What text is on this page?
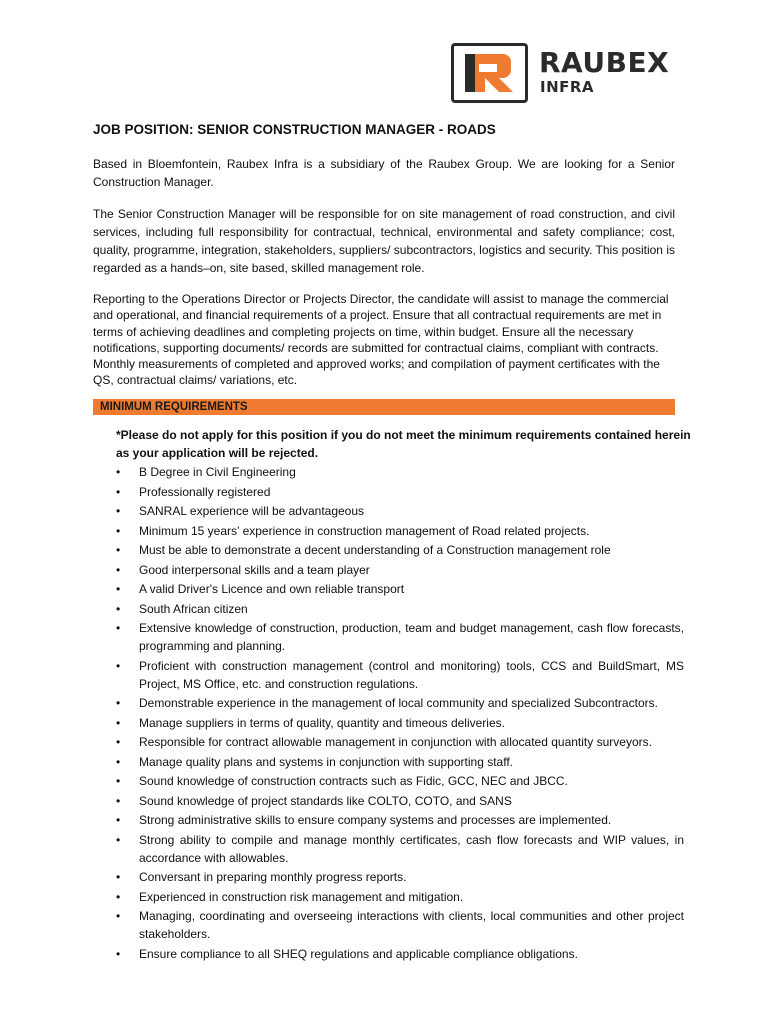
RAUBEX
INFRA
JOB POSITION: SENIOR CONSTRUCTION MANAGER - ROADS

Based in Bloemfontein, Raubex Infra is a subsidiary of the Raubex Group. We are looking for a Senior Construction Manager.

The Senior Construction Manager will be responsible for on site management of road construction, and civil services, including full responsibility for contractual, technical, environmental and safety compliance; cost, quality, programme, integration, stakeholders, suppliers/ subcontractors, logistics and security. This position is regarded as a hands–on, site based, skilled management role.

Reporting to the Operations Director or Projects Director, the candidate will assist to manage the commercial and operational, and financial requirements of a project. Ensure that all contractual requirements are met in terms of achieving deadlines and completing projects on time, within budget. Ensure all the necessary notifications, supporting documents/ records are submitted for contractual claims, compliant with contracts. Monthly measurements of completed and approved works; and compilation of payment certificates with the QS, contractual claims/ variations, etc.

MINIMUM REQUIREMENTS

*Please do not apply for this position if you do not meet the minimum requirements contained herein as your application will be rejected.

• B Degree in Civil Engineering
• Professionally registered
• SANRAL experience will be advantageous
• Minimum 15 years’ experience in construction management of Road related projects.
• Must be able to demonstrate a decent understanding of a Construction management role
• Good interpersonal skills and a team player
• A valid Driver's Licence and own reliable transport
• South African citizen
• Extensive knowledge of construction, production, team and budget management, cash flow forecasts, programming and planning.
• Proficient with construction management (control and monitoring) tools, CCS and BuildSmart, MS Project, MS Office, etc. and construction regulations.
• Demonstrable experience in the management of local community and specialized Subcontractors.
• Manage suppliers in terms of quality, quantity and timeous deliveries.
• Responsible for contract allowable management in conjunction with allocated quantity surveyors.
• Manage quality plans and systems in conjunction with supporting staff.
• Sound knowledge of construction contracts such as Fidic, GCC, NEC and JBCC.
• Sound knowledge of project standards like COLTO, COTO, and SANS
• Strong administrative skills to ensure company systems and processes are implemented.
• Strong ability to compile and manage monthly certificates, cash flow forecasts and WIP values, in accordance with allowables.
• Conversant in preparing monthly progress reports.
• Experienced in construction risk management and mitigation.
• Managing, coordinating and overseeing interactions with clients, local communities and other project stakeholders.
• Ensure compliance to all SHEQ regulations and applicable compliance obligations.
